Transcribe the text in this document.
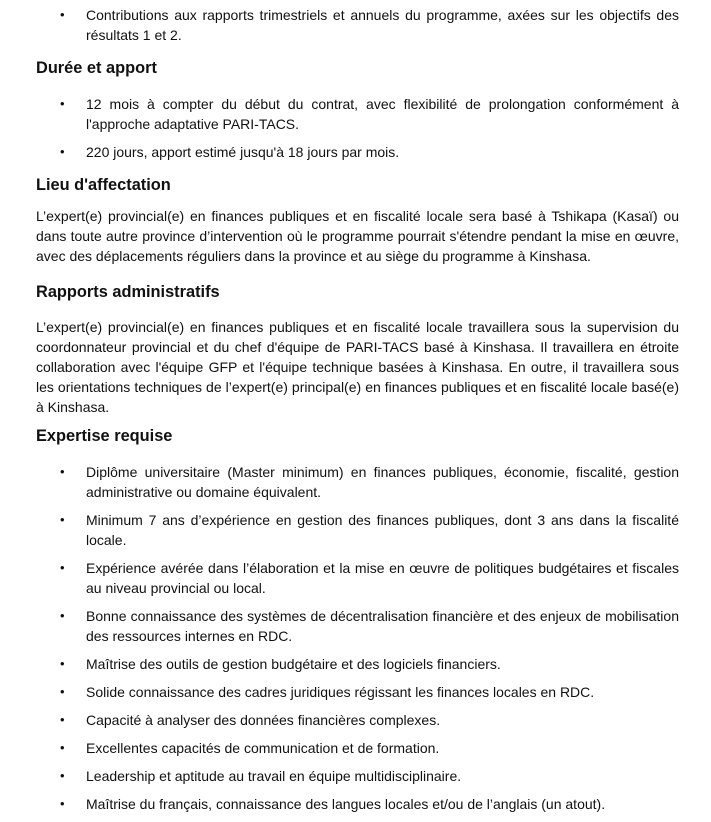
• Contributions aux rapports trimestriels et annuels du programme, axées sur les objectifs des résultats 1 et 2.
Durée et apport
• 12 mois à compter du début du contrat, avec flexibilité de prolongation conformément à l'approche adaptative PARI-TACS.
• 220 jours, apport estimé jusqu'à 18 jours par mois.
Lieu d'affectation

L’expert(e) provincial(e) en finances publiques et en fiscalité locale sera basé à Tshikapa (Kasaï) ou dans toute autre province d’intervention où le programme pourrait s'étendre pendant la mise en œuvre, avec des déplacements réguliers dans la province et au siège du programme à Kinshasa.

Rapports administratifs

L’expert(e) provincial(e) en finances publiques et en fiscalité locale travaillera sous la supervision du coordonnateur provincial et du chef d'équipe de PARI-TACS basé à Kinshasa. Il travaillera en étroite collaboration avec l'équipe GFP et l'équipe technique basées à Kinshasa. En outre, il travaillera sous les orientations techniques de l’expert(e) principal(e) en finances publiques et en fiscalité locale basé(e) à Kinshasa.

Expertise requise
• Diplôme universitaire (Master minimum) en finances publiques, économie, fiscalité, gestion administrative ou domaine équivalent.
• Minimum 7 ans d’expérience en gestion des finances publiques, dont 3 ans dans la fiscalité locale.
• Expérience avérée dans l’élaboration et la mise en œuvre de politiques budgétaires et fiscales au niveau provincial ou local.
• Bonne connaissance des systèmes de décentralisation financière et des enjeux de mobilisation des ressources internes en RDC.
• Maîtrise des outils de gestion budgétaire et des logiciels financiers.
• Solide connaissance des cadres juridiques régissant les finances locales en RDC.
• Capacité à analyser des données financières complexes.
• Excellentes capacités de communication et de formation.
• Leadership et aptitude au travail en équipe multidisciplinaire.
• Maîtrise du français, connaissance des langues locales et/ou de l’anglais (un atout).
